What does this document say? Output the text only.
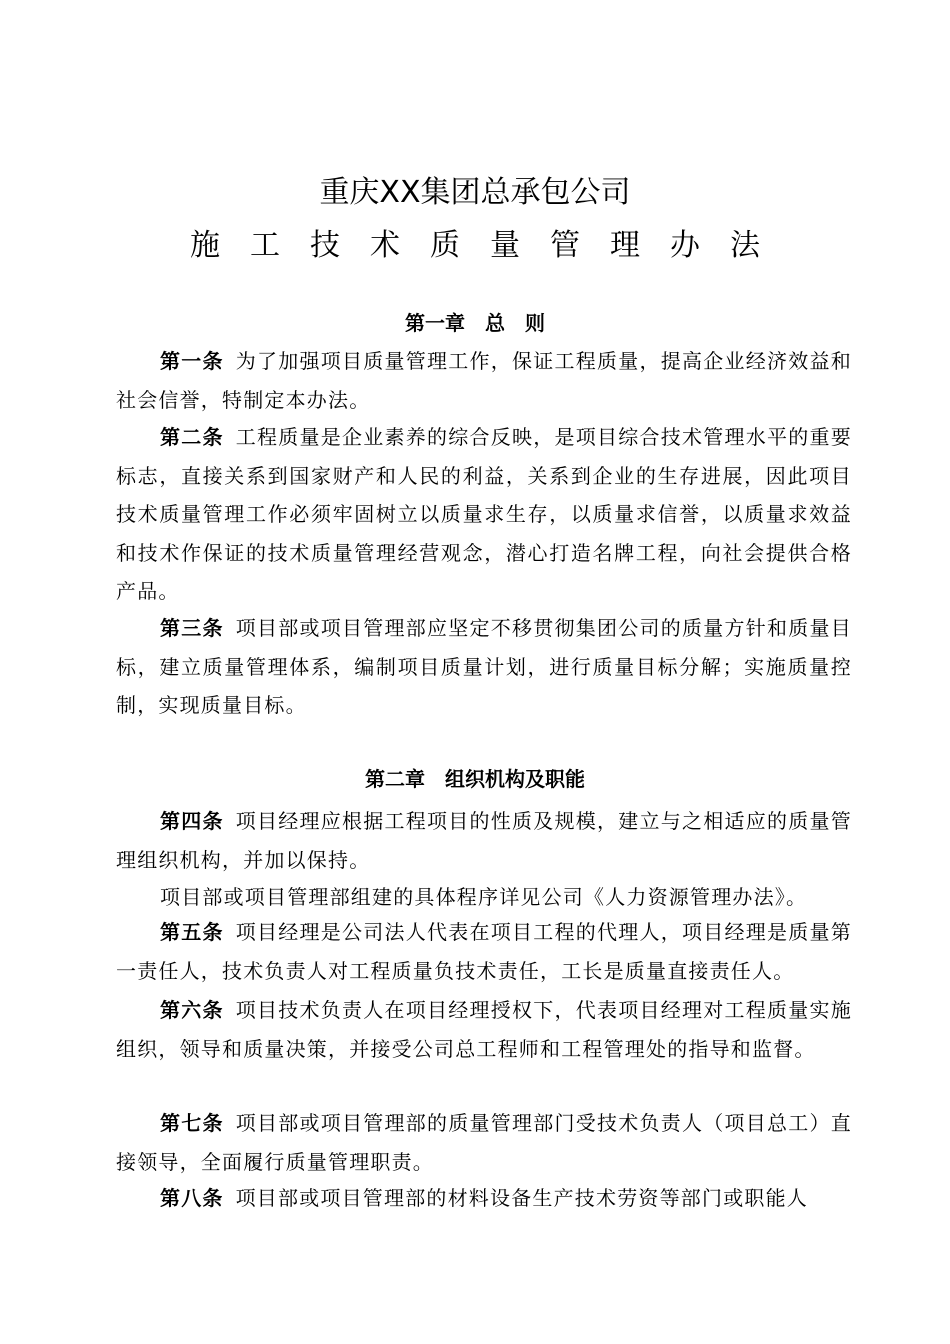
重庆XX集团总承包公司
施工技术质量管理办法
第一章　总　则

第一条 为了加强项目质量管理工作，保证工程质量，提高企业经济效益和社会信誉，特制定本办法。

第二条 工程质量是企业素养的综合反映，是项目综合技术管理水平的重要标志，直接关系到国家财产和人民的利益，关系到企业的生存进展，因此项目技术质量管理工作必须牢固树立以质量求生存，以质量求信誉，以质量求效益和技术作保证的技术质量管理经营观念，潜心打造名牌工程，向社会提供合格产品。

第三条 项目部或项目管理部应坚定不移贯彻集团公司的质量方针和质量目标，建立质量管理体系，编制项目质量计划，进行质量目标分解；实施质量控制，实现质量目标。

第二章　组织机构及职能

第四条 项目经理应根据工程项目的性质及规模，建立与之相适应的质量管理组织机构，并加以保持。

项目部或项目管理部组建的具体程序详见公司《人力资源管理办法》。

第五条 项目经理是公司法人代表在项目工程的代理人，项目经理是质量第一责任人，技术负责人对工程质量负技术责任，工长是质量直接责任人。

第六条 项目技术负责人在项目经理授权下，代表项目经理对工程质量实施组织，领导和质量决策，并接受公司总工程师和工程管理处的指导和监督。

第七条 项目部或项目管理部的质量管理部门受技术负责人（项目总工）直接领导，全面履行质量管理职责。

第八条 项目部或项目管理部的材料设备生产技术劳资等部门或职能人
